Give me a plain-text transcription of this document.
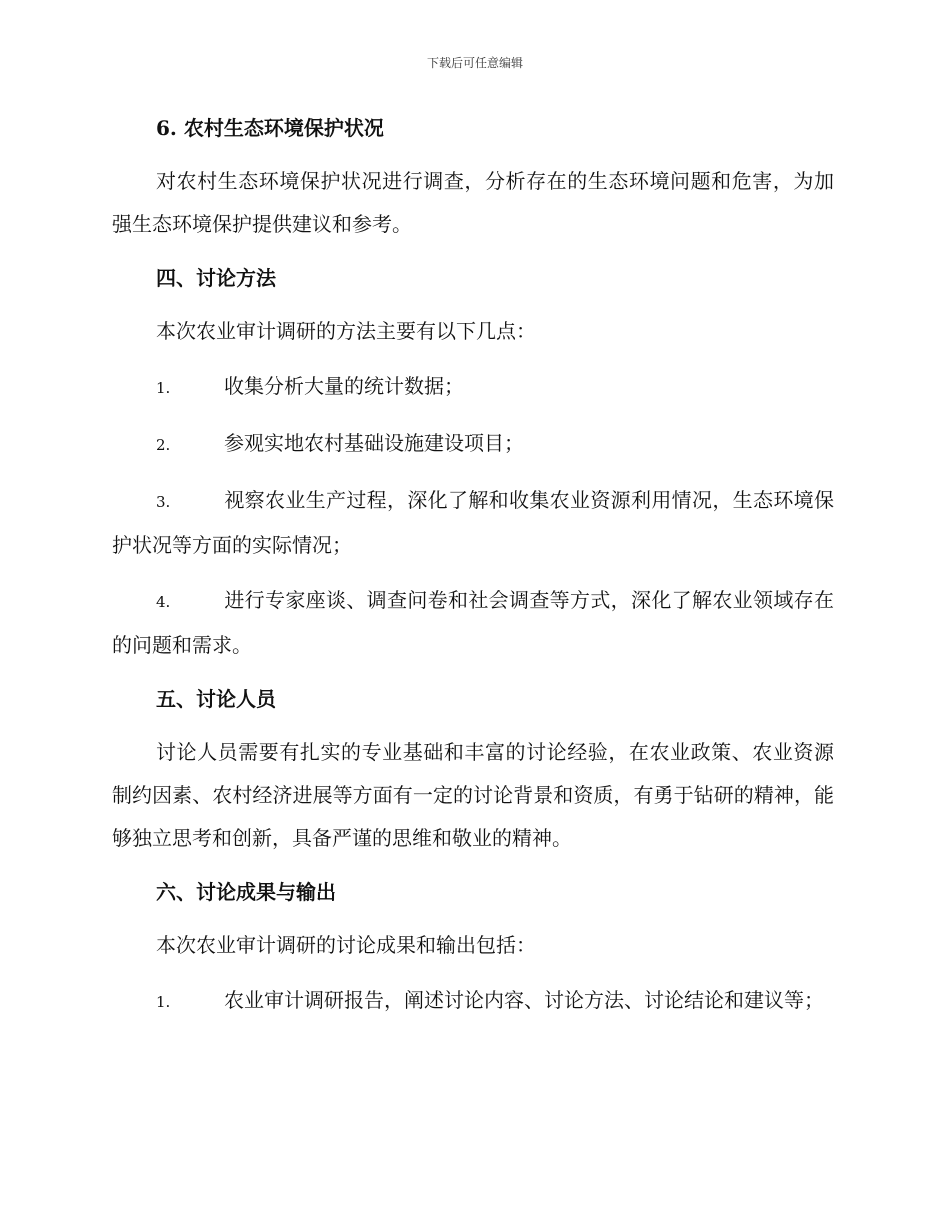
下载后可任意编辑
6. 农村生态环境保护状况

对农村生态环境保护状况进行调查，分析存在的生态环境问题和危害，为加强生态环境保护提供建议和参考。

四、讨论方法

本次农业审计调研的方法主要有以下几点：

1.	收集分析大量的统计数据；

2.	参观实地农村基础设施建设项目；

3.	视察农业生产过程，深化了解和收集农业资源利用情况，生态环境保护状况等方面的实际情况；

4.	进行专家座谈、调查问卷和社会调查等方式，深化了解农业领域存在的问题和需求。

五、讨论人员

讨论人员需要有扎实的专业基础和丰富的讨论经验，在农业政策、农业资源制约因素、农村经济进展等方面有一定的讨论背景和资质，有勇于钻研的精神，能够独立思考和创新，具备严谨的思维和敬业的精神。

六、讨论成果与输出

本次农业审计调研的讨论成果和输出包括：

1.	农业审计调研报告，阐述讨论内容、讨论方法、讨论结论和建议等；
